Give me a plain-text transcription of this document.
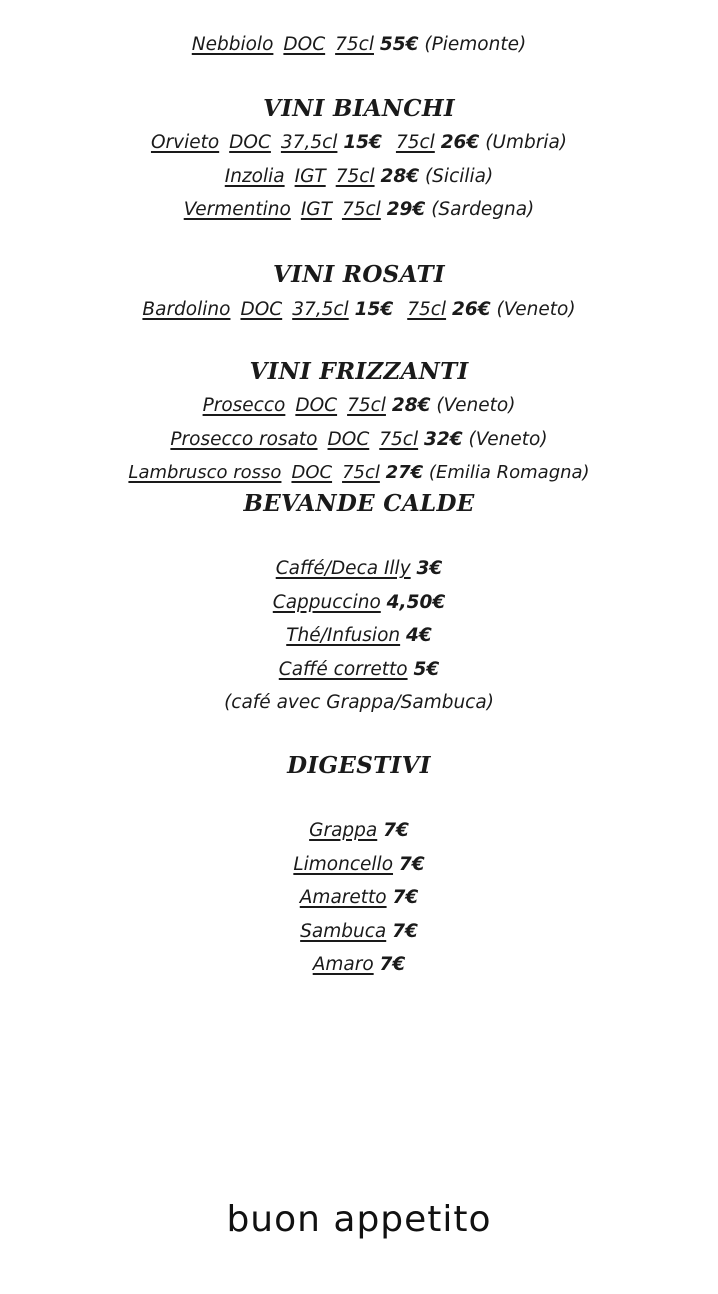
Nebbiolo DOC 75cl 55€ (Piemonte)
VINI BIANCHI
Orvieto DOC 37,5cl 15€ 75cl 26€ (Umbria)
Inzolia IGT 75cl 28€ (Sicilia)
Vermentino IGT 75cl 29€ (Sardegna)
VINI ROSATI
Bardolino DOC 37,5cl 15€ 75cl 26€ (Veneto)
VINI FRIZZANTI
Prosecco DOC 75cl 28€ (Veneto)
Prosecco rosato DOC 75cl 32€ (Veneto)
Lambrusco rosso DOC 75cl 27€ (Emilia Romagna)
BEVANDE CALDE
Caffé/Deca Illy 3€
Cappuccino 4,50€
Thé/Infusion 4€
Caffé corretto 5€
(café avec Grappa/Sambuca)
DIGESTIVI
Grappa 7€
Limoncello 7€
Amaretto 7€
Sambuca 7€
Amaro 7€
buon appetito
